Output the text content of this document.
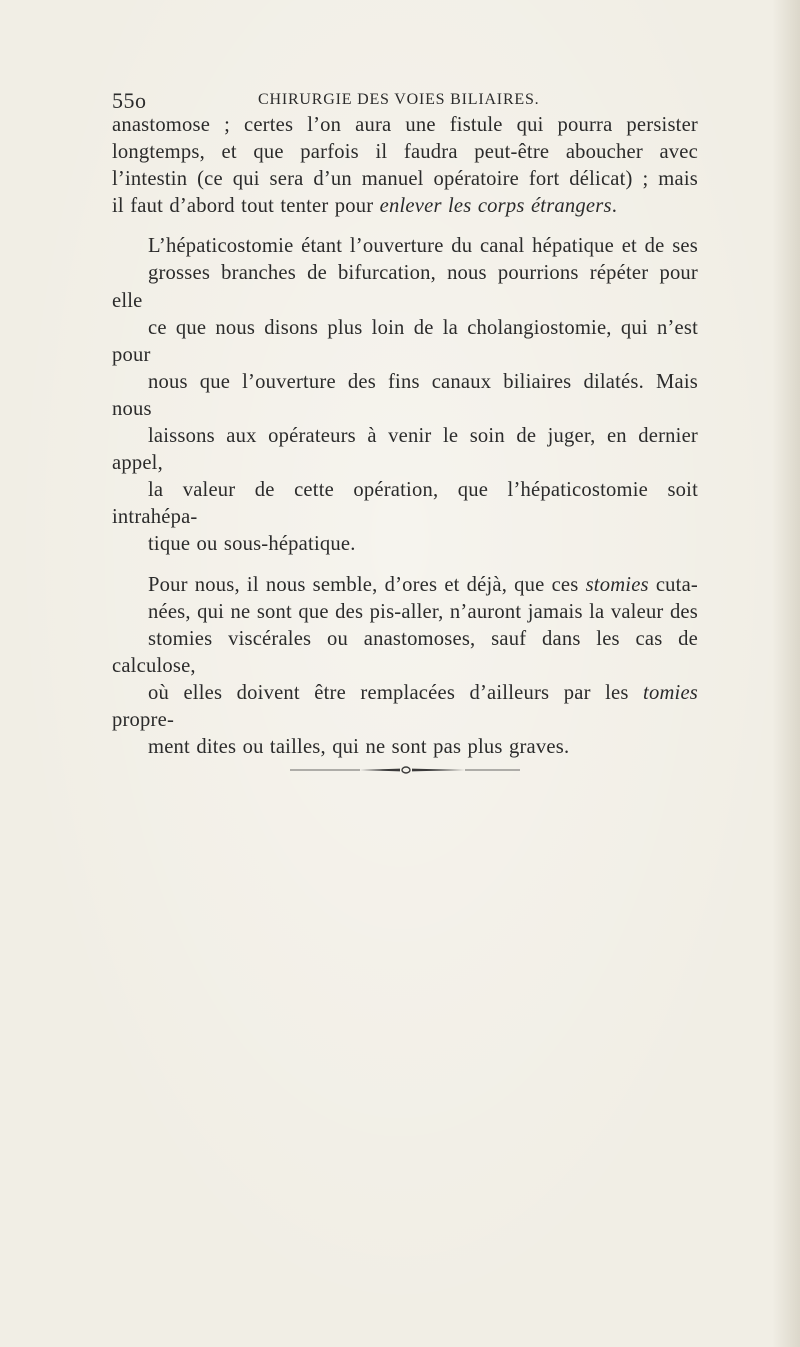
55o	CHIRURGIE DES VOIES BILIAIRES.

anastomose ; certes l’on aura une fistule qui pourra persister
longtemps, et que parfois il faudra peut-être aboucher avec
l’intestin (ce qui sera d’un manuel opératoire fort délicat) ; mais
il faut d’abord tout tenter pour enlever les corps étrangers.

L’hépaticostomie étant l’ouverture du canal hépatique et de ses
grosses branches de bifurcation, nous pourrions répéter pour elle
ce que nous disons plus loin de la cholangiostomie, qui n’est pour
nous que l’ouverture des fins canaux biliaires dilatés. Mais nous
laissons aux opérateurs à venir le soin de juger, en dernier appel,
la valeur de cette opération, que l’hépaticostomie soit intrahépa-
tique ou sous-hépatique.

Pour nous, il nous semble, d’ores et déjà, que ces stomies cuta-
nées, qui ne sont que des pis-aller, n’auront jamais la valeur des
stomies viscérales ou anastomoses, sauf dans les cas de calculose,
où elles doivent être remplacées d’ailleurs par les tomies propre-
ment dites ou tailles, qui ne sont pas plus graves.
